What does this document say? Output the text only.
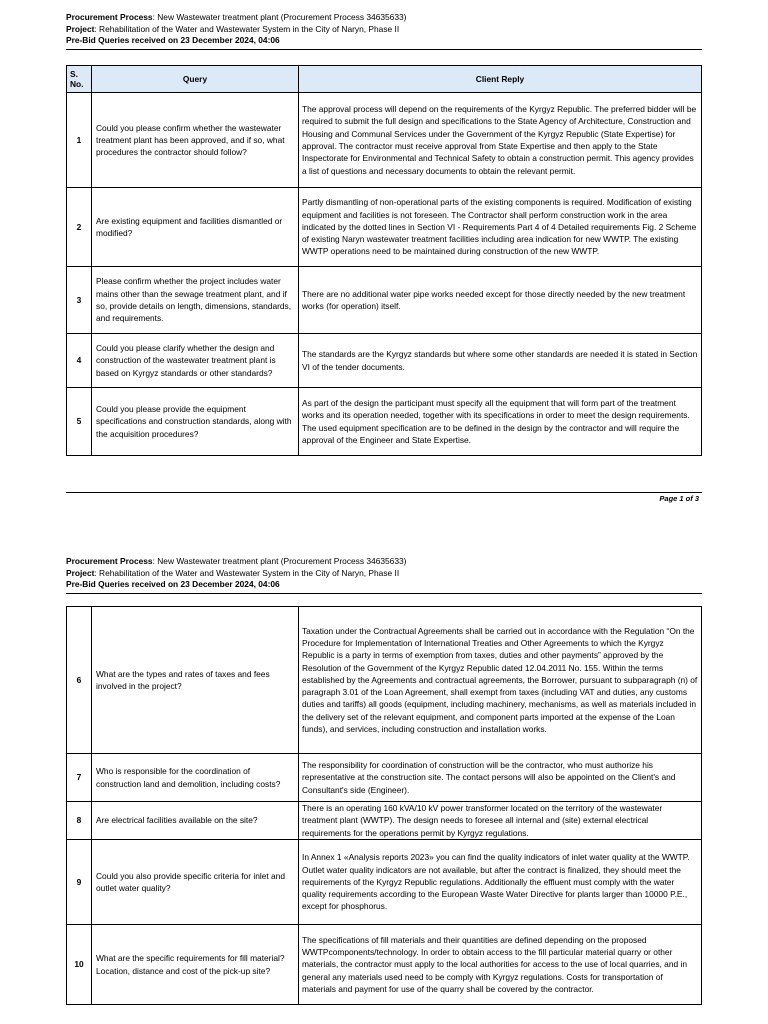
Procurement Process: New Wastewater treatment plant (Procurement Process 34635633)
Project: Rehabilitation of the Water and Wastewater System in the City of Naryn, Phase II
Pre-Bid Queries received on 23 December 2024, 04:06
S. No.	Query	Client Reply
1	Could you please confirm whether the wastewater treatment plant has been approved, and if so, what procedures the contractor should follow?	The approval process will depend on the requirements of the Kyrgyz Republic. The preferred bidder will be required to submit the full design and specifications to the State Agency of Architecture, Construction and Housing and Communal Services under the Government of the Kyrgyz Republic (State Expertise) for approval. The contractor must receive approval from State Expertise and then apply to the State Inspectorate for Environmental and Technical Safety to obtain a construction permit. This agency provides a list of questions and necessary documents to obtain the relevant permit.
2	Are existing equipment and facilities dismantled or modified?	Partly dismantling of non-operational parts of the existing components is required. Modification of existing equipment and facilities is not foreseen. The Contractor shall perform construction work in the area indicated by the dotted lines in Section VI - Requirements Part 4 of 4 Detailed requirements Fig. 2 Scheme of existing Naryn wastewater treatment facilities including area indication for new WWTP. The existing WWTP operations need to be maintained during construction of the new WWTP.
3	Please confirm whether the project includes water mains other than the sewage treatment plant, and if so, provide details on length, dimensions, standards, and requirements.	There are no additional water pipe works needed except for those directly needed by the new treatment works (for operation) itself.
4	Could you please clarify whether the design and construction of the wastewater treatment plant is based on Kyrgyz standards or other standards?	The standards are the Kyrgyz standards but where some other standards are needed it is stated in Section VI of the tender documents.
5	Could you please provide the equipment specifications and construction standards, along with the acquisition procedures?	As part of the design the participant must specify all the equipment that will form part of the treatment works and its operation needed, together with its specifications in order to meet the design requirements. The used equipment specification are to be defined in the design by the contractor and will require the approval of the Engineer and State Expertise.
Page 1 of 3
Procurement Process: New Wastewater treatment plant (Procurement Process 34635633)
Project: Rehabilitation of the Water and Wastewater System in the City of Naryn, Phase II
Pre-Bid Queries received on 23 December 2024, 04:06
6	What are the types and rates of taxes and fees involved in the project?	Taxation under the Contractual Agreements shall be carried out in accordance with the Regulation “On the Procedure for Implementation of International Treaties and Other Agreements to which the Kyrgyz Republic is a party in terms of exemption from taxes, duties and other payments” approved by the Resolution of the Government of the Kyrgyz Republic dated 12.04.2011 No. 155. Within the terms established by the Agreements and contractual agreements, the Borrower, pursuant to subparagraph (n) of paragraph 3.01 of the Loan Agreement, shall exempt from taxes (including VAT and duties, any customs duties and tariffs) all goods (equipment, including machinery, mechanisms, as well as materials included in the delivery set of the relevant equipment, and component parts imported at the expense of the Loan funds), and services, including construction and installation works.
7	Who is responsible for the coordination of construction land and demolition, including costs?	The responsibility for coordination of construction will be the contractor, who must authorize his representative at the construction site. The contact persons will also be appointed on the Client's and Consultant's side (Engineer).
8	Are electrical facilities available on the site?	There is an operating 160 kVA/10 kV power transformer located on the territory of the wastewater treatment plant (WWTP). The design needs to foresee all internal and (site) external electrical requirements for the operations permit by Kyrgyz regulations.
9	Could you also provide specific criteria for inlet and outlet water quality?	In Annex 1 «Analysis reports 2023» you can find the quality indicators of inlet water quality at the WWTP. Outlet water quality indicators are not available, but after the contract is finalized, they should meet the requirements of the Kyrgyz Republic regulations. Additionally the effluent must comply with the water quality requirements according to the European Waste Water Directive for plants larger than 10000 P.E., except for phosphorus.
10	What are the specific requirements for fill material? Location, distance and cost of the pick-up site?	The specifications of fill materials and their quantities are defined depending on the proposed WWTPcomponents/technology. In order to obtain access to the fill particular material quarry or other materials, the contractor must apply to the local authorities for access to the use of local quarries, and in general any materials used need to be comply with Kyrgyz regulations. Costs for transportation of materials and payment for use of the quarry shall be covered by the contractor.
